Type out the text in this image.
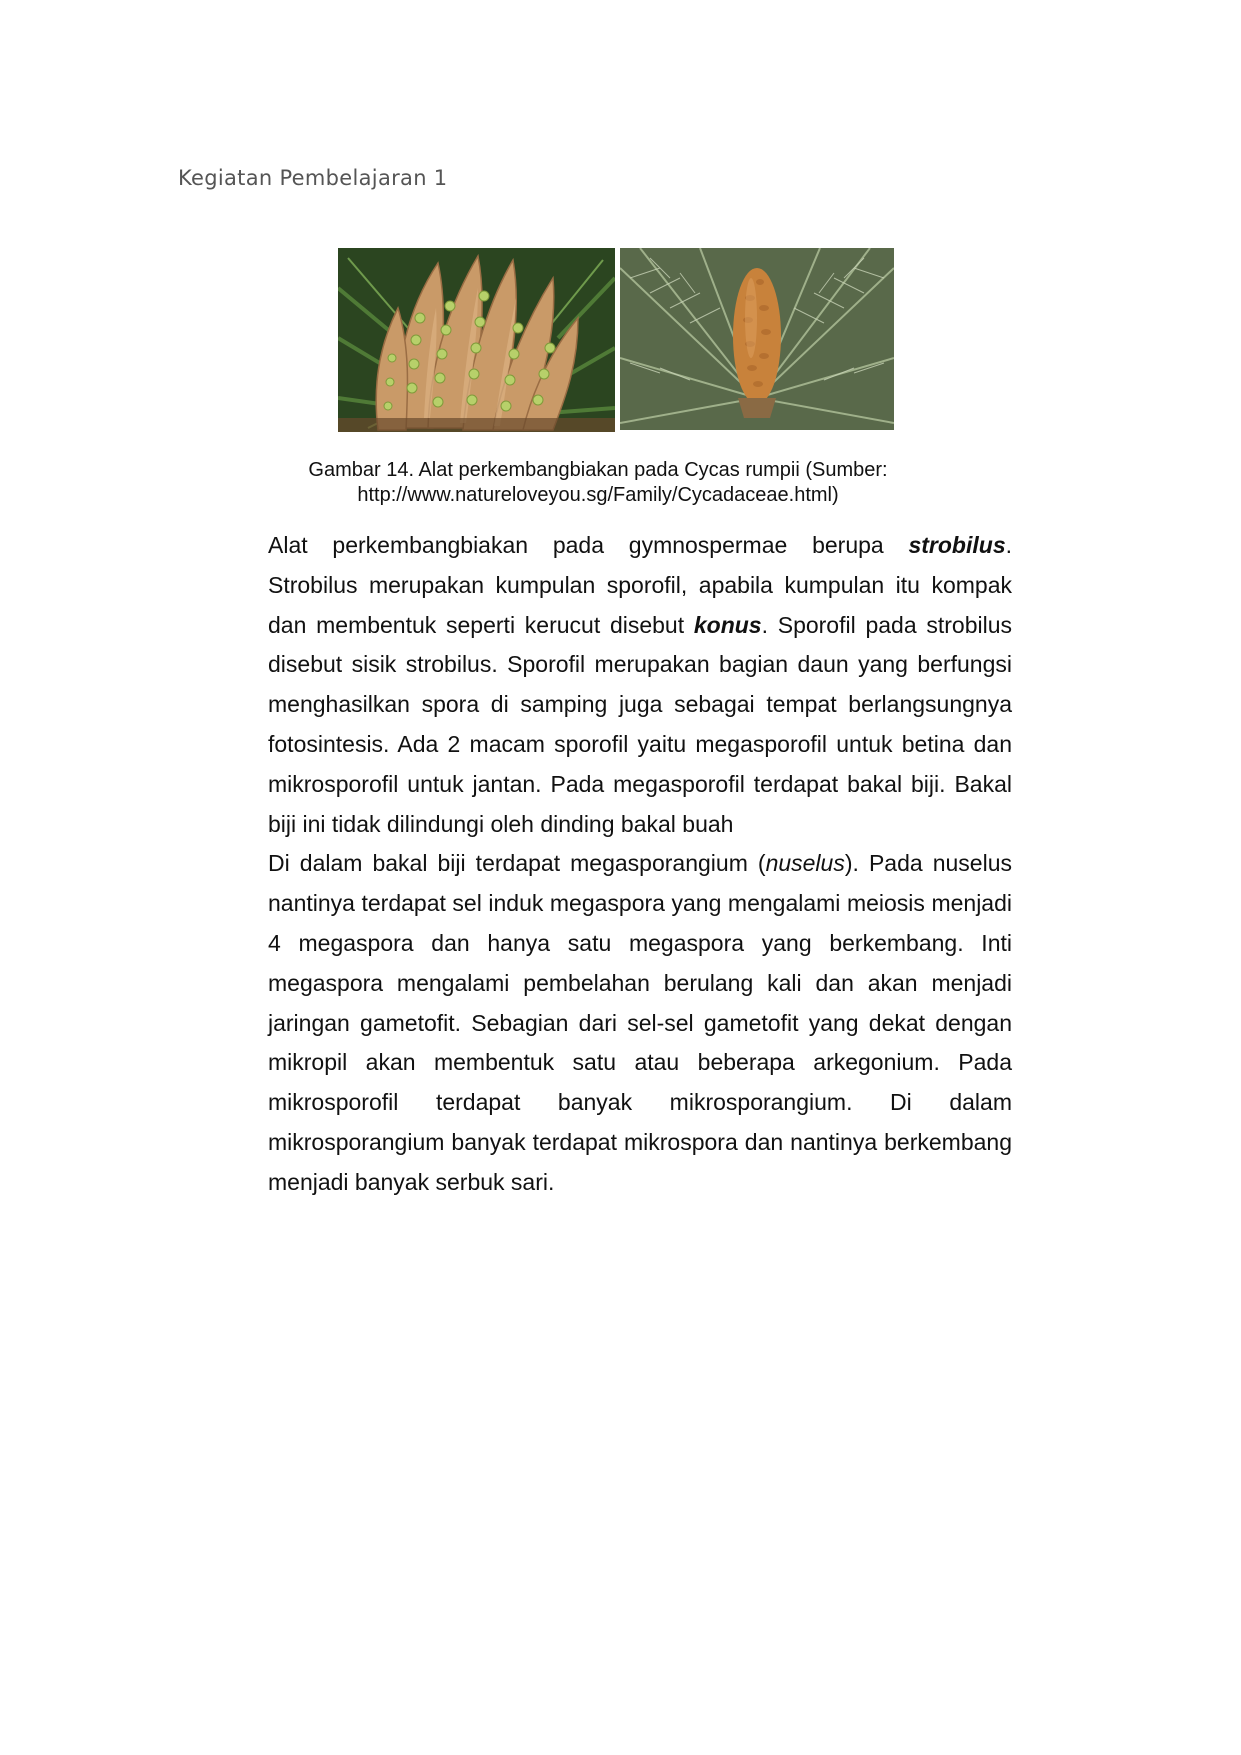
Kegiatan Pembelajaran 1
Gambar 14. Alat perkembangbiakan pada Cycas rumpii (Sumber:
http://www.natureloveyou.sg/Family/Cycadaceae.html)

Alat perkembangbiakan pada gymnospermae berupa strobilus. Strobilus merupakan kumpulan sporofil, apabila kumpulan itu kompak dan membentuk seperti kerucut disebut konus. Sporofil pada strobilus disebut sisik strobilus. Sporofil merupakan bagian daun yang berfungsi menghasilkan spora di samping juga sebagai tempat berlangsungnya fotosintesis. Ada 2 macam sporofil yaitu megasporofil untuk betina dan mikrosporofil untuk jantan. Pada megasporofil terdapat bakal biji. Bakal biji ini tidak dilindungi oleh dinding bakal buah

Di dalam bakal biji terdapat megasporangium (nuselus). Pada nuselus nantinya terdapat sel induk megaspora yang mengalami meiosis menjadi 4 megaspora dan hanya satu megaspora yang berkembang. Inti megaspora mengalami pembelahan berulang kali dan akan menjadi jaringan gametofit. Sebagian dari sel-sel gametofit yang dekat dengan mikropil akan membentuk satu atau beberapa arkegonium. Pada mikrosporofil terdapat banyak mikrosporangium. Di dalam mikrosporangium banyak terdapat mikrospora dan nantinya berkembang menjadi banyak serbuk sari.
